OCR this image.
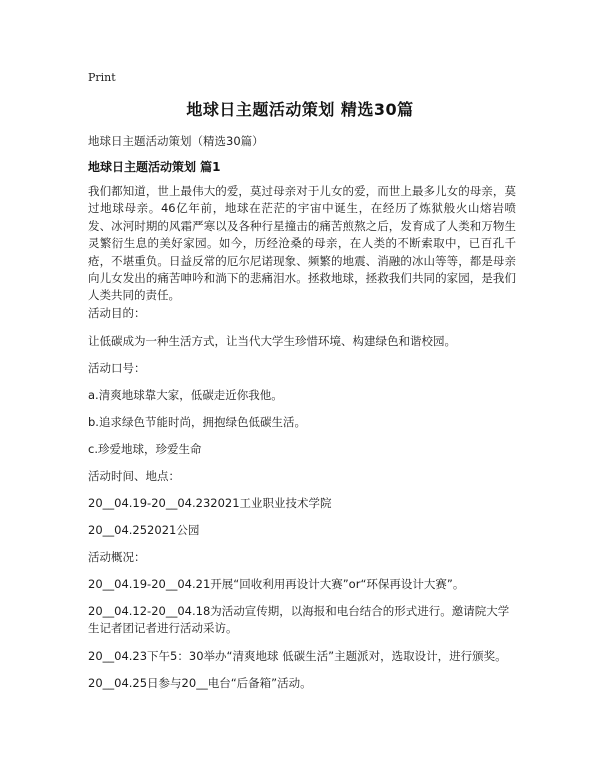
Print
地球日主题活动策划 精选30篇
地球日主题活动策划（精选30篇）
地球日主题活动策划 篇1
我们都知道，世上最伟大的爱，莫过母亲对于儿女的爱，而世上最多儿女的母亲，莫过地球母亲。46亿年前，地球在茫茫的宇宙中诞生，在经历了炼狱般火山熔岩喷发、冰河时期的风霜严寒以及各种行星撞击的痛苦煎熬之后，发育成了人类和万物生灵繁衍生息的美好家园。如今，历经沧桑的母亲，在人类的不断索取中，已百孔千疮，不堪重负。日益反常的厄尔尼诺现象、频繁的地震、消融的冰山等等，都是母亲向儿女发出的痛苦呻吟和淌下的悲痛泪水。拯救地球，拯救我们共同的家园，是我们人类共同的责任。
活动目的：
让低碳成为一种生活方式，让当代大学生珍惜环境、构建绿色和谐校园。
活动口号：
a.清爽地球靠大家，低碳走近你我他。
b.追求绿色节能时尚，拥抱绿色低碳生活。
c.珍爱地球，珍爱生命
活动时间、地点：
20__04.19-20__04.232021工业职业技术学院
20__04.252021公园
活动概况：
20__04.19-20__04.21开展“回收利用再设计大赛”or“环保再设计大赛”。
20__04.12-20__04.18为活动宣传期，以海报和电台结合的形式进行。邀请院大学生记者团记者进行活动采访。
20__04.23下午5：30举办“清爽地球 低碳生活”主题派对，选取设计，进行颁奖。
20__04.25日参与20__电台“后备箱”活动。
